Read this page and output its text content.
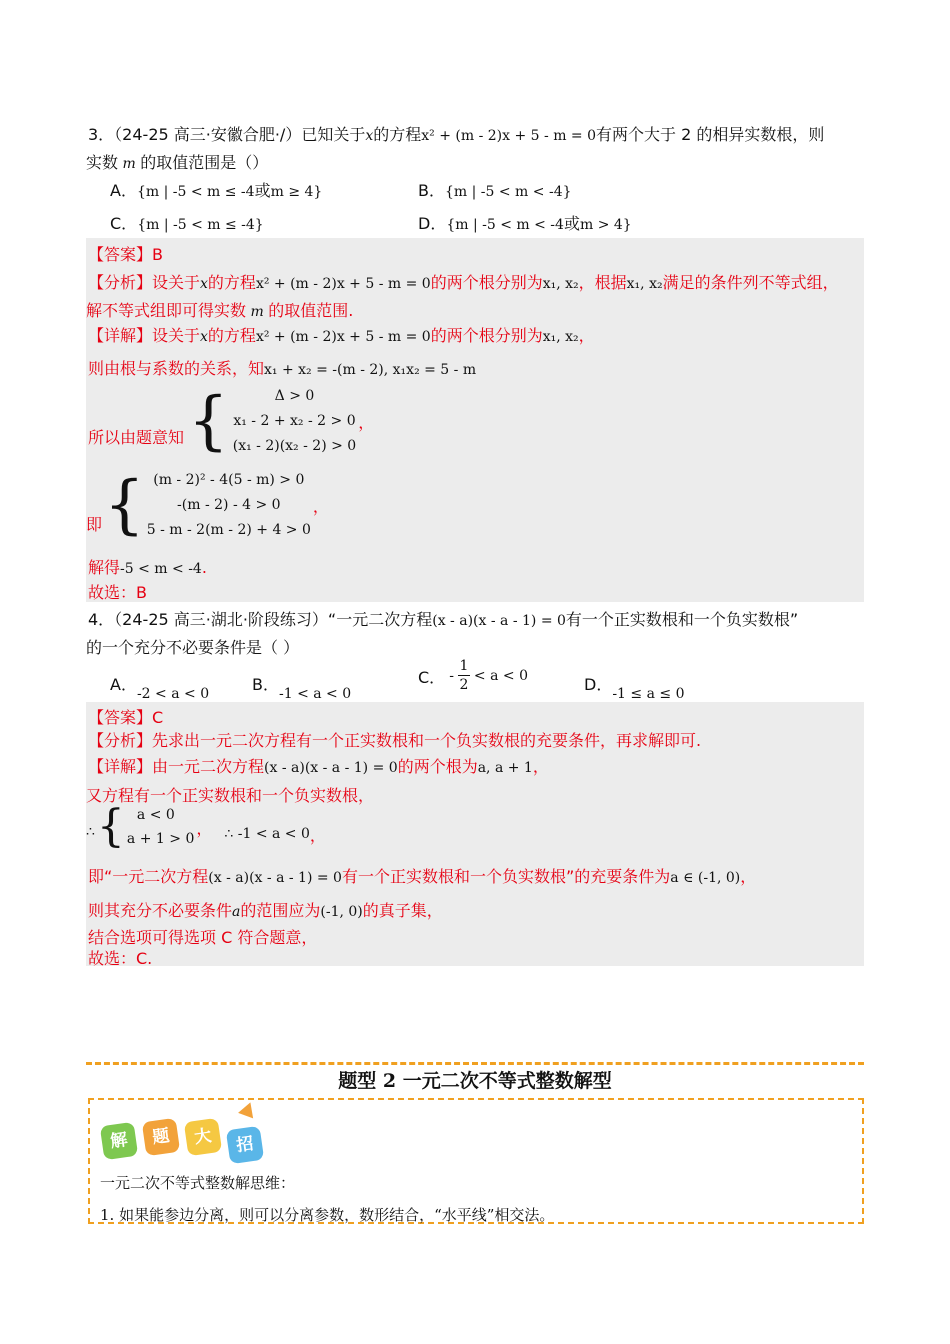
3．（24-25 高三·安徽合肥·/）已知关于x的方程x² + (m - 2)x + 5 - m = 0有两个大于 2 的相异实数根，则
实数 m 的取值范围是（）
A．{m | -5 < m ≤ -4或m ≥ 4}	B．{m | -5 < m < -4}
C．{m | -5 < m ≤ -4}	D．{m | -5 < m < -4或m > 4}
【答案】B
【分析】设关于x的方程x² + (m - 2)x + 5 - m = 0的两个根分别为x₁, x₂，根据x₁, x₂满足的条件列不等式组，
解不等式组即可得实数 m 的取值范围.
【详解】设关于x的方程x² + (m - 2)x + 5 - m = 0的两个根分别为x₁, x₂，
则由根与系数的关系，知x₁ + x₂ = -(m - 2), x₁x₂ = 5 - m
所以由题意知 {	Δ > 0
x₁ - 2 + x₂ - 2 > 0
(x₁ - 2)(x₂ - 2) > 0
，
即 { (m - 2)² - 4(5 - m) > 0
-(m - 2) - 4 > 0
5 - m - 2(m - 2) + 4 > 0
，
解得-5 < m < -4.
故选：B
4．（24-25 高三·湖北·阶段练习）“一元二次方程(x - a)(x - a - 1) = 0有一个正实数根和一个负实数根”
的一个充分不必要条件是（ ）
A．-2 < a < 0	B．-1 < a < 0
C． -
1
2
< a < 0	D．-1 ≤ a ≤ 0
【答案】C
【分析】先求出一元二次方程有一个正实数根和一个负实数根的充要条件，再求解即可.
【详解】由一元二次方程(x - a)(x - a - 1) = 0的两个根为a, a + 1，
又方程有一个正实数根和一个负实数根，
∴ { a < 0
a + 1 > 0
， ∴ -1 < a < 0 ，
即“一元二次方程(x - a)(x - a - 1) = 0有一个正实数根和一个负实数根”的充要条件为a ∈ (-1, 0)，
则其充分不必要条件a的范围应为(-1, 0)的真子集，
结合选项可得选项 C 符合题意，
故选：C.
题型 2 一元二次不等式整数解型
解	题	大	招
一元二次不等式整数解思维：
1. 如果能参边分离，则可以分离参数，数形结合，“水平线”相交法。
